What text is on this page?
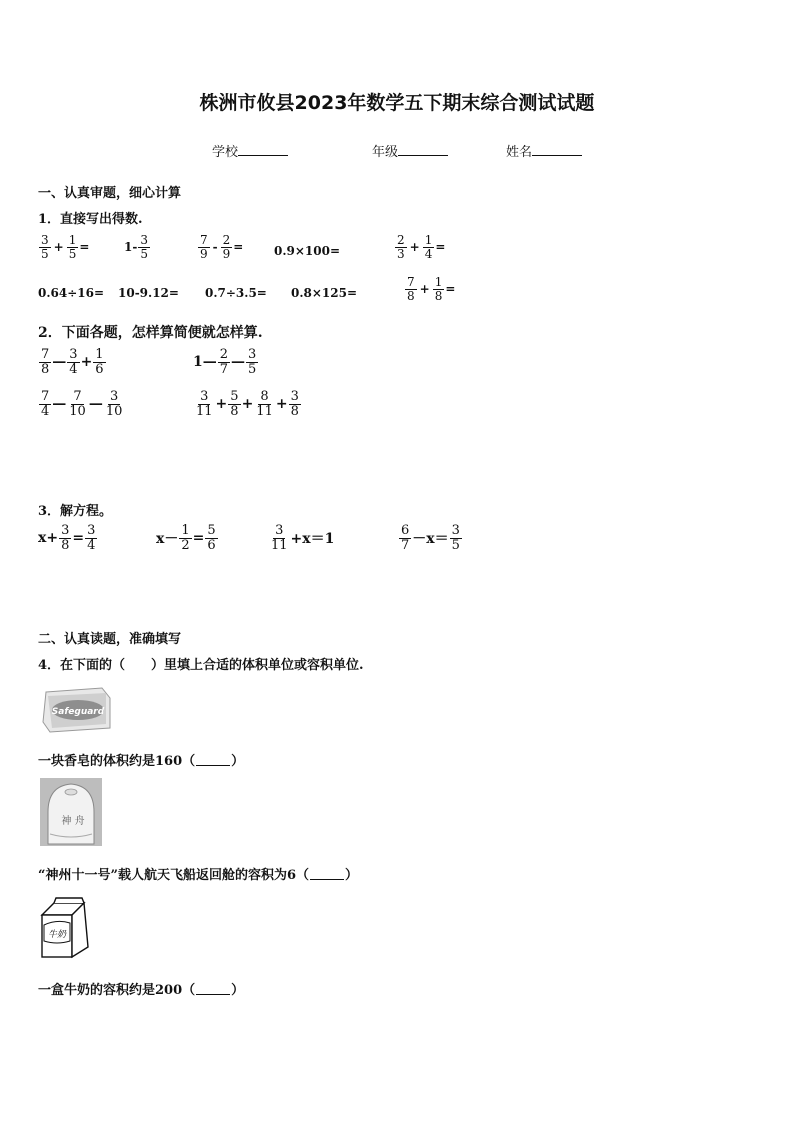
株洲市攸县2023年数学五下期末综合测试试题
学校	年级	姓名
一、认真审题，细心计算
1．直接写出得数.
$\frac{3}{5} + \frac{1}{5}$ =	$1- \frac{3}{5}$	$\frac{7}{9} - \frac{2}{9}$ =	0.9×100=	$\frac{2}{3} + \frac{1}{4}$ =
0.64÷16= 10-9.12= 0.7÷3.5= 0.8×125=	$\frac{7}{8} + \frac{1}{8}$ =
2．下面各题，怎样算简便就怎样算.
$\frac{7}{8}$ — $\frac{3}{4} + \frac{1}{6}$	1— $\frac{2}{7}$ — $\frac{3}{5}$
$\frac{7}{4}$ — $\frac{7}{10}$ — $\frac{3}{10}$	$\frac{3}{11} + \frac{5}{8} + \frac{8}{11} + \frac{3}{8}$
3．解方程。
$x+ \frac{3}{8} = \frac{3}{4}$	$x- \frac{1}{2} = \frac{5}{6}$	$\frac{3}{11} +x=1$	$\frac{6}{7} -x= \frac{3}{5}$
二、认真读题，准确填写
4．在下面的（　　）里填上合适的体积单位或容积单位.
Safeguard
一块香皂的体积约是160（	）
神 舟
“神州十一号”载人航天飞船返回舱的容积为6（	）
牛奶
一盒牛奶的容积约是200（	）
